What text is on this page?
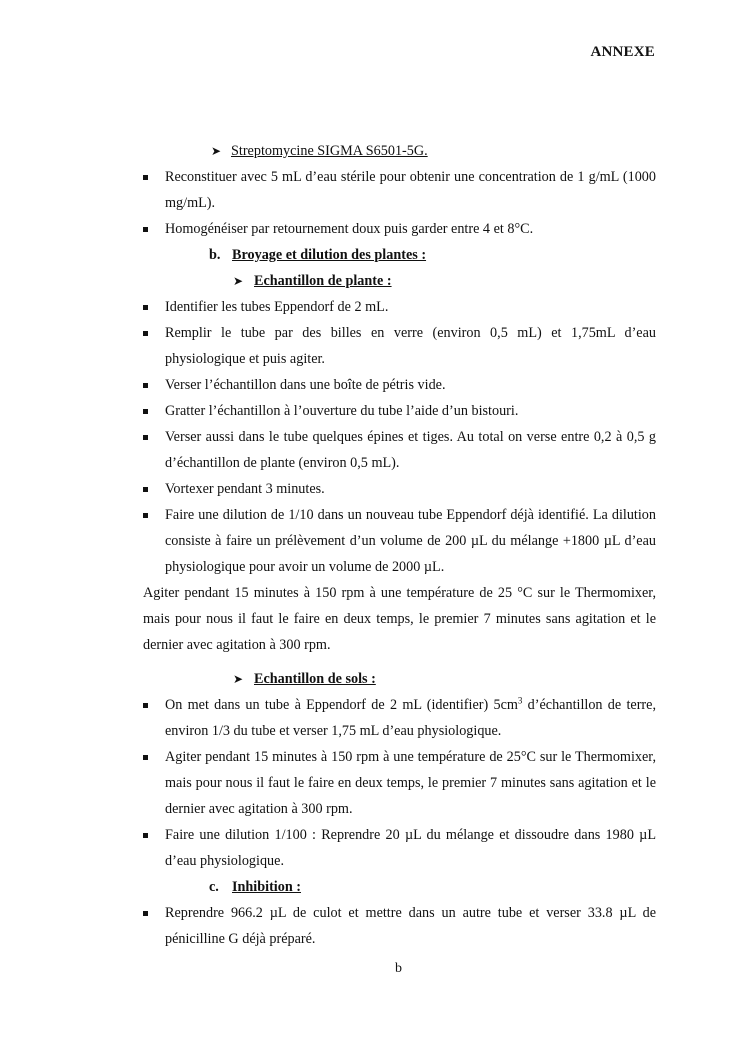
ANNEXE
➤ Streptomycine SIGMA S6501-5G.
Reconstituer avec 5 mL d’eau stérile pour obtenir une concentration de 1 g/mL (1000 mg/mL).
Homogénéiser par retournement doux puis garder entre 4 et 8°C.
b. Broyage et dilution des plantes :
➤ Echantillon de plante :
Identifier les tubes Eppendorf de 2 mL.
Remplir le tube par des billes en verre (environ 0,5 mL) et 1,75mL d’eau physiologique et puis agiter.
Verser l’échantillon dans une boîte de pétris vide.
Gratter l’échantillon à l’ouverture du tube l’aide d’un bistouri.
Verser aussi dans le tube quelques épines et tiges. Au total on verse entre 0,2 à 0,5 g d’échantillon de plante (environ 0,5 mL).
Vortexer pendant 3 minutes.
Faire une dilution de 1/10 dans un nouveau tube Eppendorf déjà identifié. La dilution consiste à faire un prélèvement d’un volume de 200 µL du mélange +1800 µL d’eau physiologique pour avoir un volume de 2000 µL.
Agiter pendant 15 minutes à 150 rpm à une température de 25 °C sur le Thermomixer, mais pour nous il faut le faire en deux temps, le premier 7 minutes sans agitation et le dernier avec agitation à 300 rpm.
➤ Echantillon de sols :
On met dans un tube à Eppendorf de 2 mL (identifier) $5cm^3$ d’échantillon de terre, environ 1/3 du tube et verser 1,75 mL d’eau physiologique.
Agiter pendant 15 minutes à 150 rpm à une température de 25°C sur le Thermomixer, mais pour nous il faut le faire en deux temps, le premier 7 minutes sans agitation et le dernier avec agitation à 300 rpm.
Faire une dilution 1/100 : Reprendre 20 µL du mélange et dissoudre dans 1980 µL d’eau physiologique.
c. Inhibition :
Reprendre 966.2 µL de culot et mettre dans un autre tube et verser 33.8 µL de pénicilline G déjà préparé.
b
